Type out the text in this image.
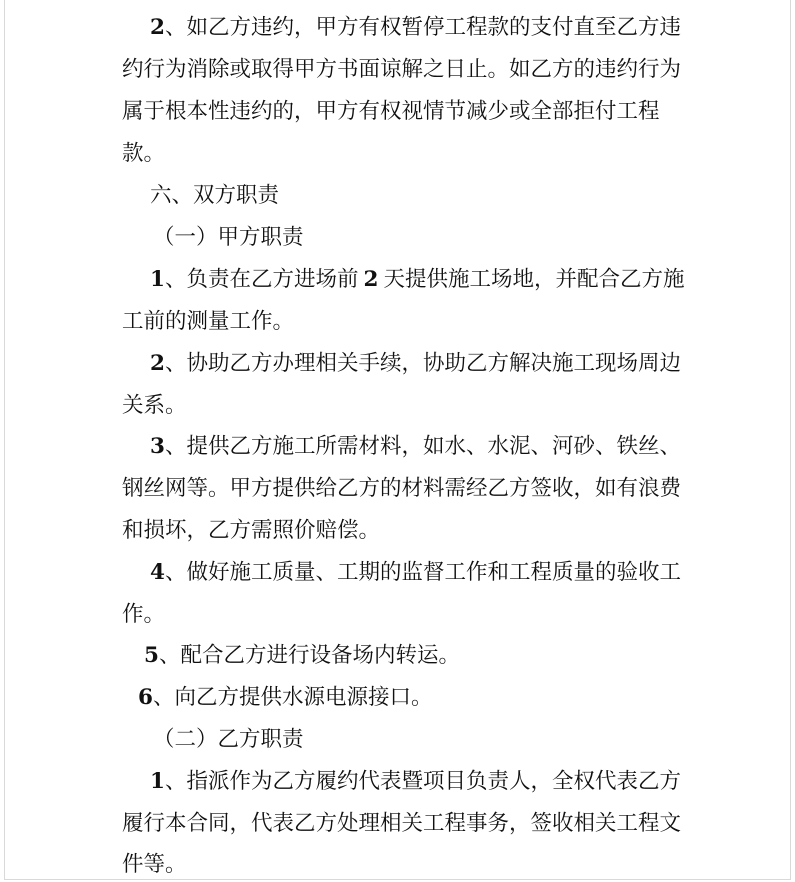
2、如乙方违约，甲方有权暂停工程款的支付直至乙方违
约行为消除或取得甲方书面谅解之日止。如乙方的违约行为
属于根本性违约的，甲方有权视情节减少或全部拒付工程
款。
六、双方职责
（一）甲方职责
1、负责在乙方进场前 2 天提供施工场地，并配合乙方施
工前的测量工作。
2、协助乙方办理相关手续，协助乙方解决施工现场周边
关系。
3、提供乙方施工所需材料，如水、水泥、河砂、铁丝、
钢丝网等。甲方提供给乙方的材料需经乙方签收，如有浪费
和损坏，乙方需照价赔偿。
4、做好施工质量、工期的监督工作和工程质量的验收工
作。
5、配合乙方进行设备场内转运。
6、向乙方提供水源电源接口。
（二）乙方职责
1、指派作为乙方履约代表暨项目负责人，全权代表乙方
履行本合同，代表乙方处理相关工程事务，签收相关工程文
件等。
